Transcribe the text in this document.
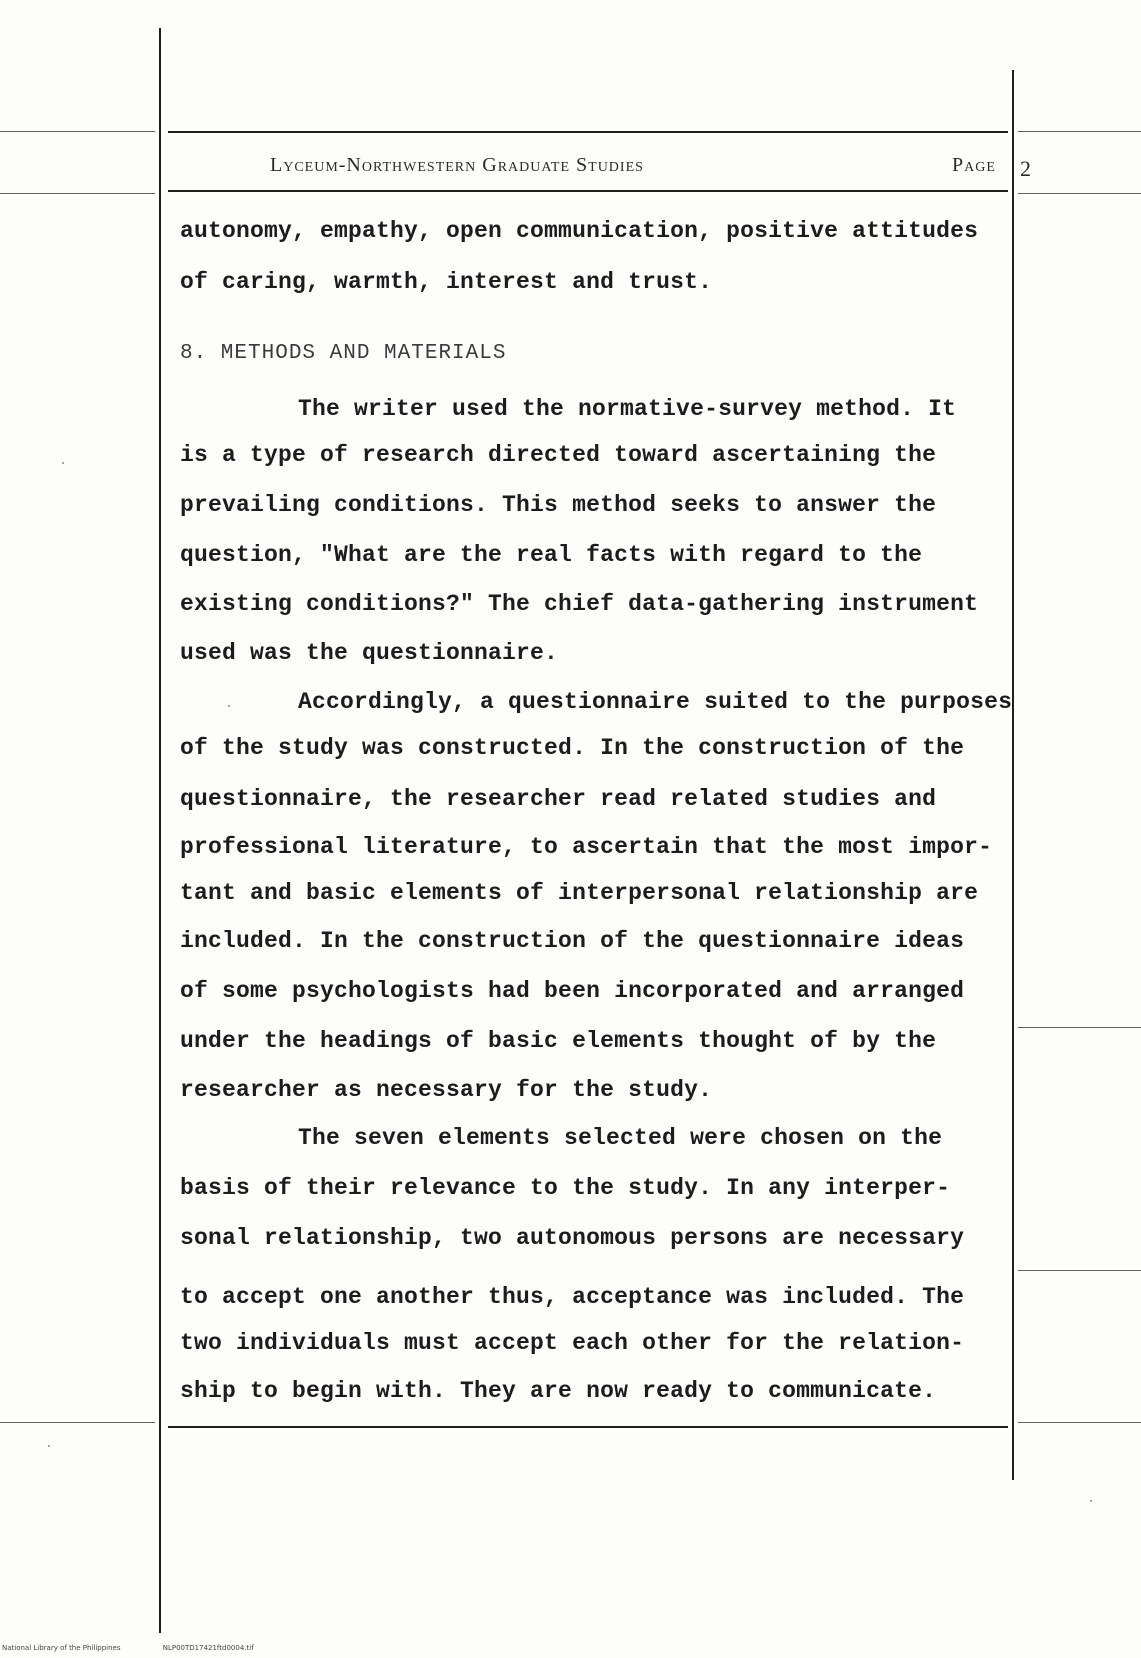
Lyceum-Northwestern Graduate Studies	Page 2
autonomy, empathy, open communication, positive attitudes
of caring, warmth, interest and trust.
8. METHODS AND MATERIALS
The writer used the normative-survey method. It
is a type of research directed toward ascertaining the
prevailing conditions. This method seeks to answer the
question, "What are the real facts with regard to the
existing conditions?" The chief data-gathering instrument
used was the questionnaire.
Accordingly, a questionnaire suited to the purposes
of the study was constructed. In the construction of the
questionnaire, the researcher read related studies and
professional literature, to ascertain that the most impor-
tant and basic elements of interpersonal relationship are
included. In the construction of the questionnaire ideas
of some psychologists had been incorporated and arranged
under the headings of basic elements thought of by the
researcher as necessary for the study.
The seven elements selected were chosen on the
basis of their relevance to the study. In any interper-
sonal relationship, two autonomous persons are necessary
to accept one another thus, acceptance was included. The
two individuals must accept each other for the relation-
ship to begin with. They are now ready to communicate.
National Library of the Philippines	NLP00TD17421ftd0004.tif
